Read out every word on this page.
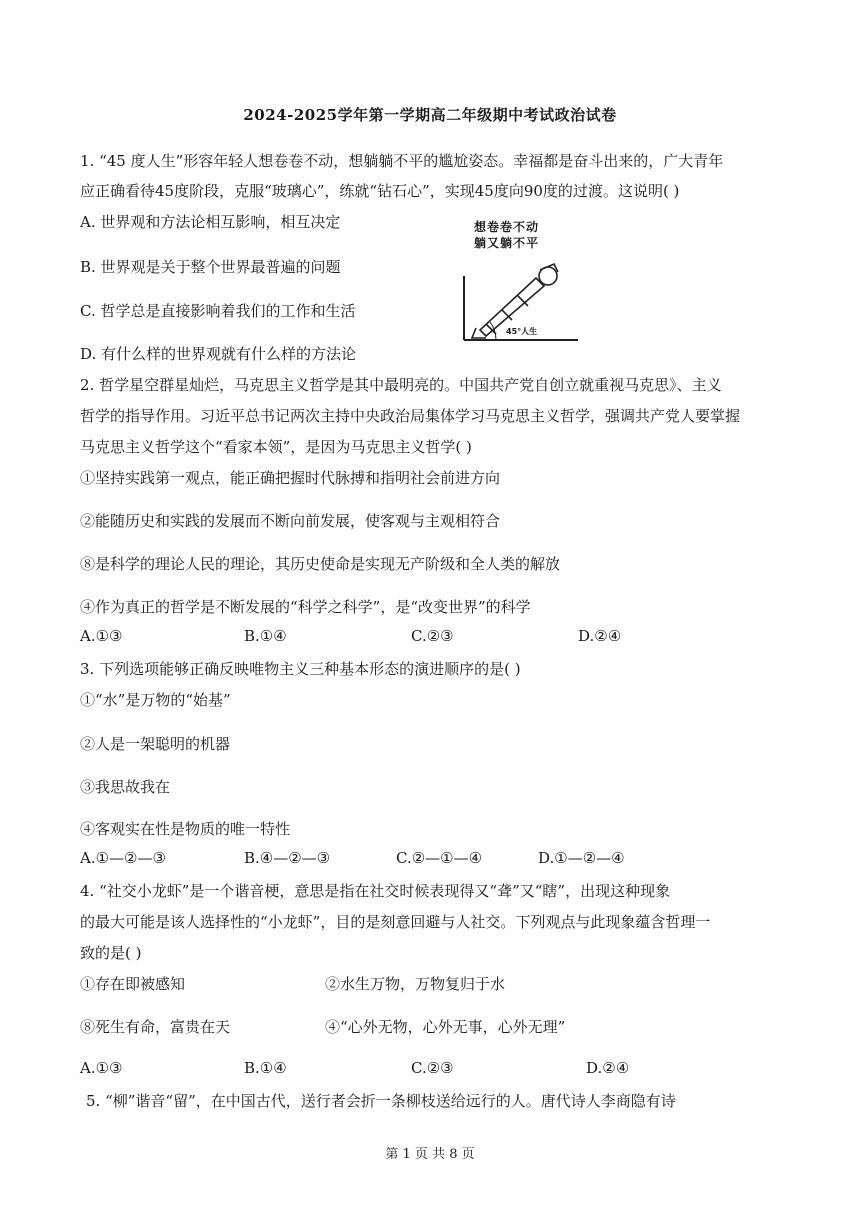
2024-2025学年第一学期高二年级期中考试政治试卷
1. “45 度人生”形容年轻人想卷卷不动，想躺躺不平的尴尬姿态。幸福都是奋斗出来的，广大青年
应正确看待45度阶段，克服“玻璃心”，练就“钻石心”，实现45度向90度的过渡。这说明( )
A. 世界观和方法论相互影响，相互决定
B. 世界观是关于整个世界最普遍的问题
C. 哲学总是直接影响着我们的工作和生活
D. 有什么样的世界观就有什么样的方法论
想卷卷不动
躺又躺不平
45°人生
2. 哲学星空群星灿烂，马克思主义哲学是其中最明亮的。中国共产党自创立就重视马克思》、主义
哲学的指导作用。习近平总书记两次主持中央政治局集体学习马克思主义哲学，强调共产党人要掌握
马克思主义哲学这个“看家本领”，是因为马克思主义哲学( )
①坚持实践第一观点，能正确把握时代脉搏和指明社会前进方向
②能随历史和实践的发展而不断向前发展，使客观与主观相符合
⑧是科学的理论人民的理论，其历史使命是实现无产阶级和全人类的解放
④作为真正的哲学是不断发展的“科学之科学”，是“改变世界”的科学
A.①③	B.①④	C.②③	D.②④
3. 下列选项能够正确反映唯物主义三种基本形态的演进顺序的是( )
①“水”是万物的“始基”
②人是一架聪明的机器
③我思故我在
④客观实在性是物质的唯一特性
A.①—②—③	B.④—②—③	C.②—①—④	D.①—②—④
4. “社交小龙虾”是一个谐音梗，意思是指在社交时候表现得又“聋”又“瞎”，出现这种现象
的最大可能是该人选择性的“小龙虾”，目的是刻意回避与人社交。下列观点与此现象蕴含哲理一
致的是( )
①存在即被感知	②水生万物，万物复归于水
⑧死生有命，富贵在天	④“心外无物，心外无事，心外无理”
A.①③	B.①④	C.②③	D.②④
5. “柳”谐音“留”，在中国古代，送行者会折一条柳枝送给远行的人。唐代诗人李商隐有诗
第 1 页 共 8 页
